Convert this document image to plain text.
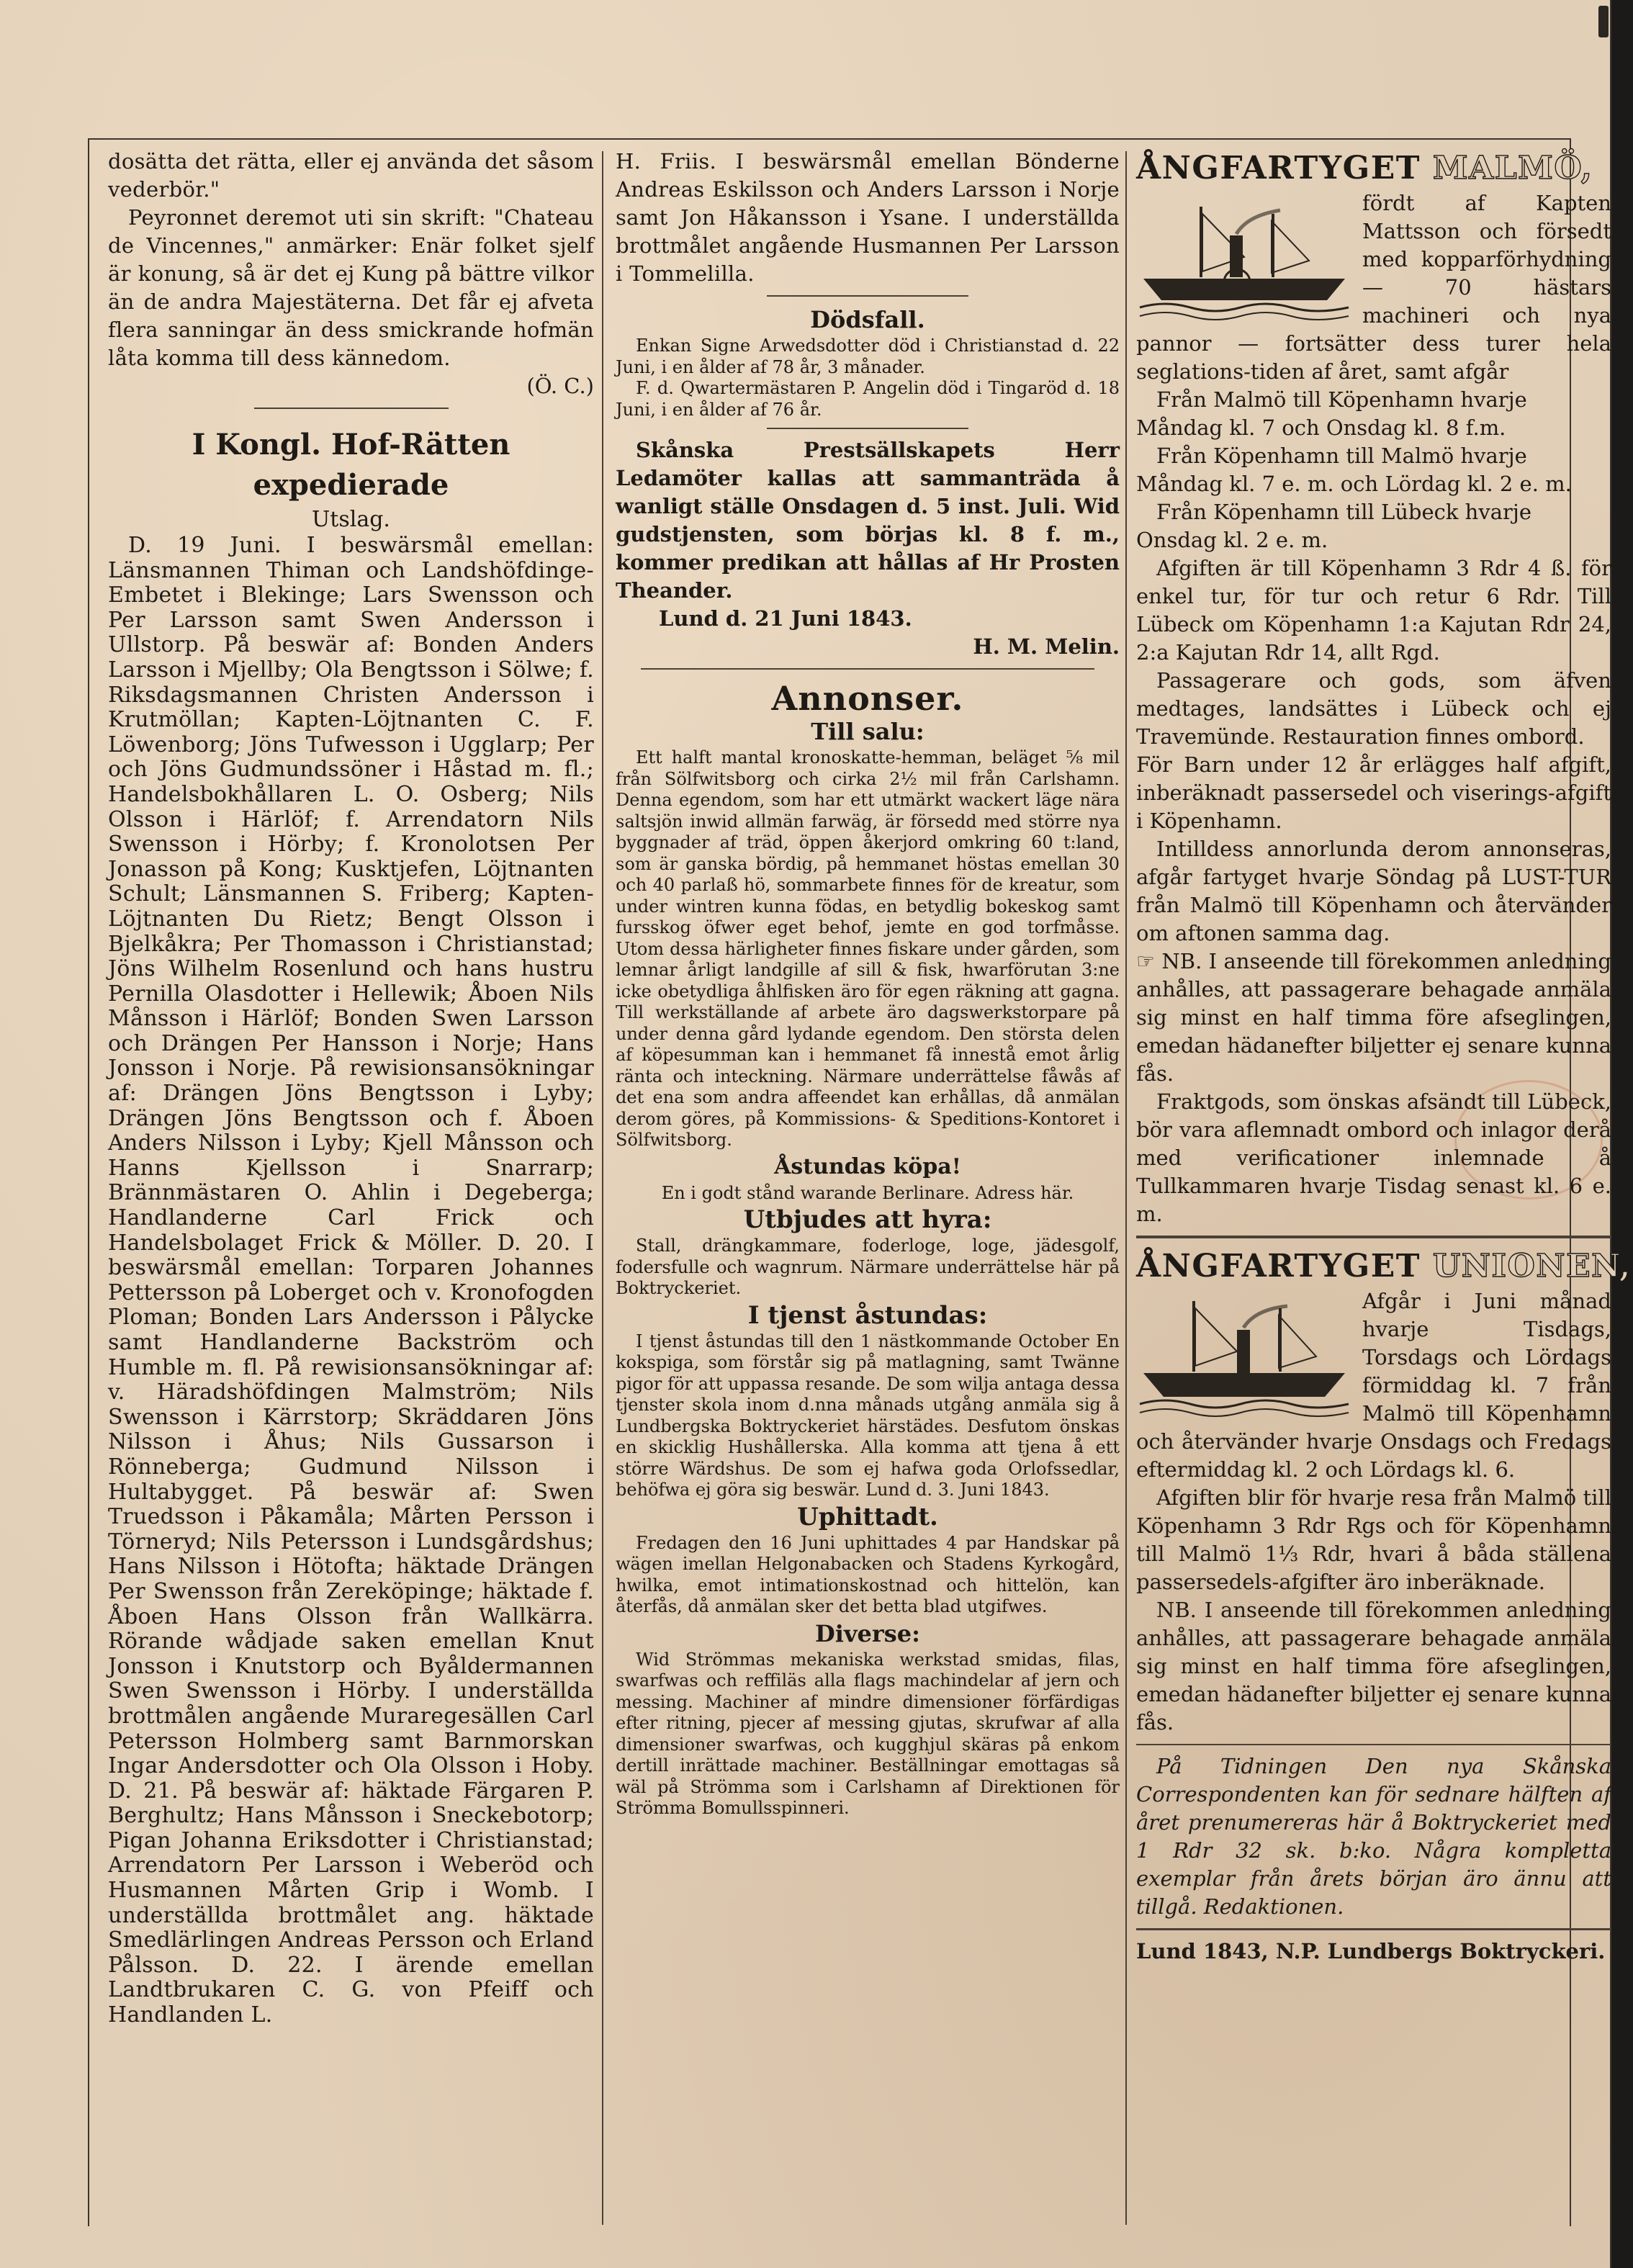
dosätta det rätta, eller ej använda det såsom vederbör."

Peyronnet deremot uti sin skrift: "Chateau de Vincennes," anmärker: Enär folket sjelf är konung, så är det ej Kung på bättre vilkor än de andra Majestäterna. Det får ej afveta flera sanningar än dess smickrande hofmän låta komma till dess kännedom.

(Ö. C.)

I Kongl. Hof-Rätten expedierade

Utslag.

D. 19 Juni. I beswärsmål emellan: Länsmannen Thiman och Landshöfdinge-Embetet i Blekinge; Lars Swensson och Per Larsson samt Swen Andersson i Ullstorp. På beswär af: Bonden Anders Larsson i Mjellby; Ola Bengtsson i Sölwe; f. Riksdagsmannen Christen Andersson i Krutmöllan; Kapten-Löjtnanten C. F. Löwenborg; Jöns Tufwesson i Ugglarp; Per och Jöns Gudmundssöner i Håstad m. fl.; Handelsbokhållaren L. O. Osberg; Nils Olsson i Härlöf; f. Arrendatorn Nils Swensson i Hörby; f. Kronolotsen Per Jonasson på Kong; Kusktjefen, Löjtnanten Schult; Länsmannen S. Friberg; Kapten-Löjtnanten Du Rietz; Bengt Olsson i Bjelkåkra; Per Thomasson i Christianstad; Jöns Wilhelm Rosenlund och hans hustru Pernilla Olasdotter i Hellewik; Åboen Nils Månsson i Härlöf; Bonden Swen Larsson och Drängen Per Hansson i Norje; Hans Jonsson i Norje. På rewisionsansökningar af: Drängen Jöns Bengtsson i Lyby; Drängen Jöns Bengtsson och f. Åboen Anders Nilsson i Lyby; Kjell Månsson och Hanns Kjellsson i Snarrarp; Brännmästaren O. Ahlin i Degeberga; Handlanderne Carl Frick och Handelsbolaget Frick & Möller. D. 20. I beswärsmål emellan: Torparen Johannes Pettersson på Loberget och v. Kronofogden Ploman; Bonden Lars Andersson i Pålycke samt Handlanderne Backström och Humble m. fl. På rewisionsansökningar af: v. Häradshöfdingen Malmström; Nils Swensson i Kärrstorp; Skräddaren Jöns Nilsson i Åhus; Nils Gussarson i Rönneberga; Gudmund Nilsson i Hultabygget. På beswär af: Swen Truedsson i Påkamåla; Mårten Persson i Törneryd; Nils Petersson i Lundsgårdshus; Hans Nilsson i Hötofta; häktade Drängen Per Swensson från Zereköpinge; häktade f. Åboen Hans Olsson från Wallkärra. Rörande wådjade saken emellan Knut Jonsson i Knutstorp och Byåldermannen Swen Swensson i Hörby. I underställda brottmålen angående Muraregesällen Carl Petersson Holmberg samt Barnmorskan Ingar Andersdotter och Ola Olsson i Hoby. D. 21. På beswär af: häktade Färgaren P. Berghultz; Hans Månsson i Sneckebotorp; Pigan Johanna Eriksdotter i Christianstad; Arrendatorn Per Larsson i Weberöd och Husmannen Mårten Grip i Womb. I underställda brottmålet ang. häktade Smedlärlingen Andreas Persson och Erland Pålsson. D. 22. I ärende emellan Landtbrukaren C. G. von Pfeiff och Handlanden L.

H. Friis. I beswärsmål emellan Bönderne Andreas Eskilsson och Anders Larsson i Norje samt Jon Håkansson i Ysane. I underställda brottmålet angående Husmannen Per Larsson i Tommelilla.

Dödsfall.

Enkan Signe Arwedsdotter död i Christianstad d. 22 Juni, i en ålder af 78 år, 3 månader.

F. d. Qwartermästaren P. Angelin död i Tingaröd d. 18 Juni, i en ålder af 76 år.

Skånska Prestsällskapets Herr Ledamöter kallas att sammanträda å wanligt ställe Onsdagen d. 5 inst. Juli. Wid gudstjensten, som börjas kl. 8 f. m., kommer predikan att hållas af Hr Prosten Theander.

Lund d. 21 Juni 1843.

H. M. Melin.

Annonser.

Till salu:

Ett halft mantal kronoskatte-hemman, beläget ⅝ mil från Sölfwitsborg och cirka 2½ mil från Carlshamn. Denna egendom, som har ett utmärkt wackert läge nära saltsjön inwid allmän farwäg, är försedd med större nya byggnader af träd, öppen åkerjord omkring 60 t:land, som är ganska bördig, på hemmanet höstas emellan 30 och 40 parlaß hö, sommarbete finnes för de kreatur, som under wintren kunna födas, en betydlig bokeskog samt fursskog öfwer eget behof, jemte en god torfmåsse. Utom dessa härligheter finnes fiskare under gården, som lemnar årligt landgille af sill & fisk, hwarförutan 3:ne icke obetydliga åhlfisken äro för egen räkning att gagna. Till werkställande af arbete äro dagswerkstorpare på under denna gård lydande egendom. Den största delen af köpesumman kan i hemmanet få innestå emot årlig ränta och inteckning. Närmare underrättelse fåwås af det ena som andra affeendet kan erhållas, då anmälan derom göres, på Kommissions- & Speditions-Kontoret i Sölfwitsborg.

Åstundas köpa!

En i godt stånd warande Berlinare. Adress här.

Utbjudes att hyra:

Stall, drängkammare, foderloge, loge, jädesgolf, fodersfulle och wagnrum. Närmare underrättelse här på Boktryckeriet.

I tjenst åstundas:

I tjenst åstundas till den 1 nästkommande October En kokspiga, som förstår sig på matlagning, samt Twänne pigor för att uppassa resande. De som wilja antaga dessa tjenster skola inom d.nna månads utgång anmäla sig å Lundbergska Boktryckeriet härstädes. Desfutom önskas en skicklig Hushållerska. Alla komma att tjena å ett större Wärdshus. De som ej hafwa goda Orlofssedlar, behöfwa ej göra sig beswär. Lund d. 3. Juni 1843.

Uphittadt.

Fredagen den 16 Juni uphittades 4 par Handskar på wägen imellan Helgonabacken och Stadens Kyrkogård, hwilka, emot intimationskostnad och hittelön, kan återfås, då anmälan sker det betta blad utgifwes.

Diverse:

Wid Strömmas mekaniska werkstad smidas, filas, swarfwas och reffiläs alla flags machindelar af jern och messing. Machiner af mindre dimensioner förfärdigas efter ritning, pjecer af messing gjutas, skrufwar af alla dimensioner swarfwas, och kugghjul skäras på enkom dertill inrättade machiner. Beställningar emottagas så wäl på Strömma som i Carlshamn af Direktionen för Strömma Bomullsspinneri.

ÅNGFARTYGET MALMÖ,

fördt af Kapten Mattsson och försedt med kopparförhydning — 70 hästars machineri och nya pannor — fortsätter dess turer hela seglations-tiden af året, samt afgår

Från Malmö till Köpenhamn hvarje Måndag kl. 7 och Onsdag kl. 8 f.m.

Från Köpenhamn till Malmö hvarje Måndag kl. 7 e. m. och Lördag kl. 2 e. m.

Från Köpenhamn till Lübeck hvarje Onsdag kl. 2 e. m.

Afgiften är till Köpenhamn 3 Rdr 4 ß. för enkel tur, för tur och retur 6 Rdr. Till Lübeck om Köpenhamn 1:a Kajutan Rdr 24, 2:a Kajutan Rdr 14, allt Rgd.

Passagerare och gods, som äfven medtages, landsättes i Lübeck och ej Travemünde. Restauration finnes ombord.

För Barn under 12 år erlägges half afgift, inberäknadt passersedel och viserings-afgift i Köpenhamn.

Intilldess annorlunda derom annonseras, afgår fartyget hvarje Söndag på LUST-TUR från Malmö till Köpenhamn och återvänder om aftonen samma dag.

☞ NB. I anseende till förekommen anledning anhålles, att passagerare behagade anmäla sig minst en half timma före afseglingen, emedan hädanefter biljetter ej senare kunna fås.

Fraktgods, som önskas afsändt till Lübeck, bör vara aflemnadt ombord och inlagor derå med verificationer inlemnade å Tullkammaren hvarje Tisdag senast kl. 6 e. m.

ÅNGFARTYGET UNIONEN,

Afgår i Juni månad hvarje Tisdags, Torsdags och Lördags förmiddag kl. 7 från Malmö till Köpenhamn och återvänder hvarje Onsdags och Fredags eftermiddag kl. 2 och Lördags kl. 6.

Afgiften blir för hvarje resa från Malmö till Köpenhamn 3 Rdr Rgs och för Köpenhamn till Malmö 1⅓ Rdr, hvari å båda ställena passersedels-afgifter äro inberäknade.

NB. I anseende till förekommen anledning anhålles, att passagerare behagade anmäla sig minst en half timma före afseglingen, emedan hädanefter biljetter ej senare kunna fås.

På Tidningen Den nya Skånska Correspondenten kan för sednare hälften af året prenumereras här å Boktryckeriet med 1 Rdr 32 sk. b:ko. Några kompletta exemplar från årets början äro ännu att tillgå. Redaktionen.

Lund 1843, N.P. Lundbergs Boktryckeri.
